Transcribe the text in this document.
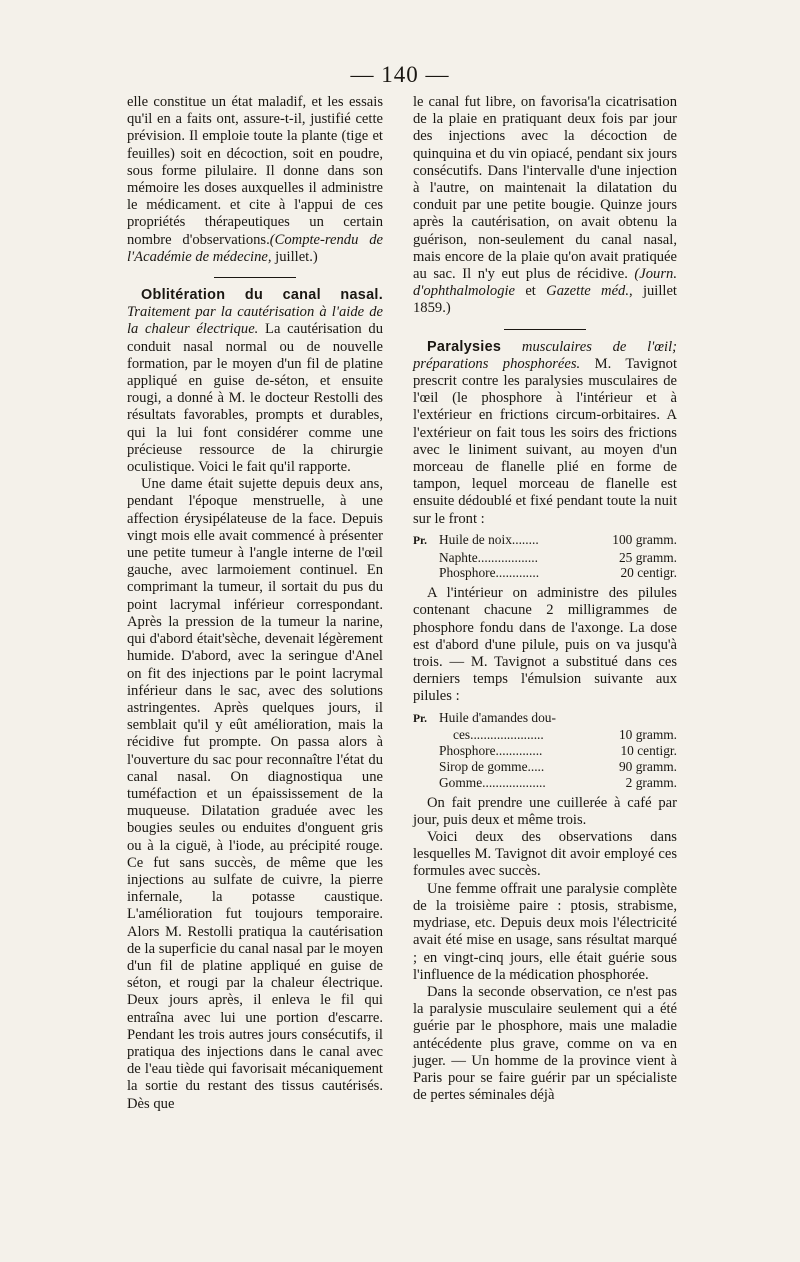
— 140 —

elle constitue un état maladif, et les essais qu'il en a faits ont, assure-t-il, justifié cette prévision. Il emploie toute la plante (tige et feuilles) soit en décoction, soit en poudre, sous forme pilulaire. Il donne dans son mémoire les doses auxquelles il administre le médicament. et cite à l'appui de ces propriétés thérapeutiques un certain nombre d'observations.(Compte-rendu de l'Académie de médecine, juillet.)

Oblitération du canal nasal. Traitement par la cautérisation à l'aide de la chaleur électrique. La cautérisation du conduit nasal normal ou de nouvelle formation, par le moyen d'un fil de platine appliqué en guise de-séton, et ensuite rougi, a donné à M. le docteur Restolli des résultats favorables, prompts et durables, qui la lui font considérer comme une précieuse ressource de la chirurgie oculistique. Voici le fait qu'il rapporte.

Une dame était sujette depuis deux ans, pendant l'époque menstruelle, à une affection érysipélateuse de la face. Depuis vingt mois elle avait commencé à présenter une petite tumeur à l'angle interne de l'œil gauche, avec larmoiement continuel. En comprimant la tumeur, il sortait du pus du point lacrymal inférieur correspondant. Après la pression de la tumeur la narine, qui d'abord était'sèche, devenait légèrement humide. D'abord, avec la seringue d'Anel on fit des injections par le point lacrymal inférieur dans le sac, avec des solutions astringentes. Après quelques jours, il semblait qu'il y eût amélioration, mais la récidive fut prompte. On passa alors à l'ouverture du sac pour reconnaître l'état du canal nasal. On diagnostiqua une tuméfaction et un épaississement de la muqueuse. Dilatation graduée avec les bougies seules ou enduites d'onguent gris ou à la ciguë, à l'iode, au précipité rouge. Ce fut sans succès, de même que les injections au sulfate de cuivre, la pierre infernale, la potasse caustique. L'amélioration fut toujours temporaire. Alors M. Restolli pratiqua la cautérisation de la superficie du canal nasal par le moyen d'un fil de platine appliqué en guise de séton, et rougi par la chaleur électrique. Deux jours après, il enleva le fil qui entraîna avec lui une portion d'escarre. Pendant les trois autres jours consécutifs, il pratiqua des injections dans le canal avec de l'eau tiède qui favorisait mécaniquement la sortie du restant des tissus cautérisés. Dès que

le canal fut libre, on favorisa'la cicatrisation de la plaie en pratiquant deux fois par jour des injections avec la décoction de quinquina et du vin opiacé, pendant six jours consécutifs. Dans l'intervalle d'une injection à l'autre, on maintenait la dilatation du conduit par une petite bougie. Quinze jours après la cautérisation, on avait obtenu la guérison, non-seulement du canal nasal, mais encore de la plaie qu'on avait pratiquée au sac. Il n'y eut plus de récidive. (Journ. d'ophthalmologie et Gazette méd., juillet 1859.)

Paralysies musculaires de l'œil; préparations phosphorées. M. Tavignot prescrit contre les paralysies musculaires de l'œil (le phosphore à l'intérieur et à l'extérieur en frictions circum-orbitaires. A l'extérieur on fait tous les soirs des frictions avec le liniment suivant, au moyen d'un morceau de flanelle plié en forme de tampon, lequel morceau de flanelle est ensuite dédoublé et fixé pendant toute la nuit sur le front :

Pr. Huile de noix........	100 gramm.
Naphte..................	25 gramm.
Phosphore.............	20 centigr.

A l'intérieur on administre des pilules contenant chacune 2 milligrammes de phosphore fondu dans de l'axonge. La dose est d'abord d'une pilule, puis on va jusqu'à trois. — M. Tavignot a substitué dans ces derniers temps l'émulsion suivante aux pilules :

Pr. Huile d'amandes dou-
ces......................	10 gramm.
Phosphore..............	10 centigr.
Sirop de gomme.....	90 gramm.
Gomme...................	2 gramm.

On fait prendre une cuillerée à café par jour, puis deux et même trois.

Voici deux des observations dans lesquelles M. Tavignot dit avoir employé ces formules avec succès.

Une femme offrait une paralysie complète de la troisième paire : ptosis, strabisme, mydriase, etc. Depuis deux mois l'électricité avait été mise en usage, sans résultat marqué ; en vingt-cinq jours, elle était guérie sous l'influence de la médication phosphorée.

Dans la seconde observation, ce n'est pas la paralysie musculaire seulement qui a été guérie par le phosphore, mais une maladie antécédente plus grave, comme on va en juger. — Un homme de la province vient à Paris pour se faire guérir par un spécialiste de pertes séminales déjà
